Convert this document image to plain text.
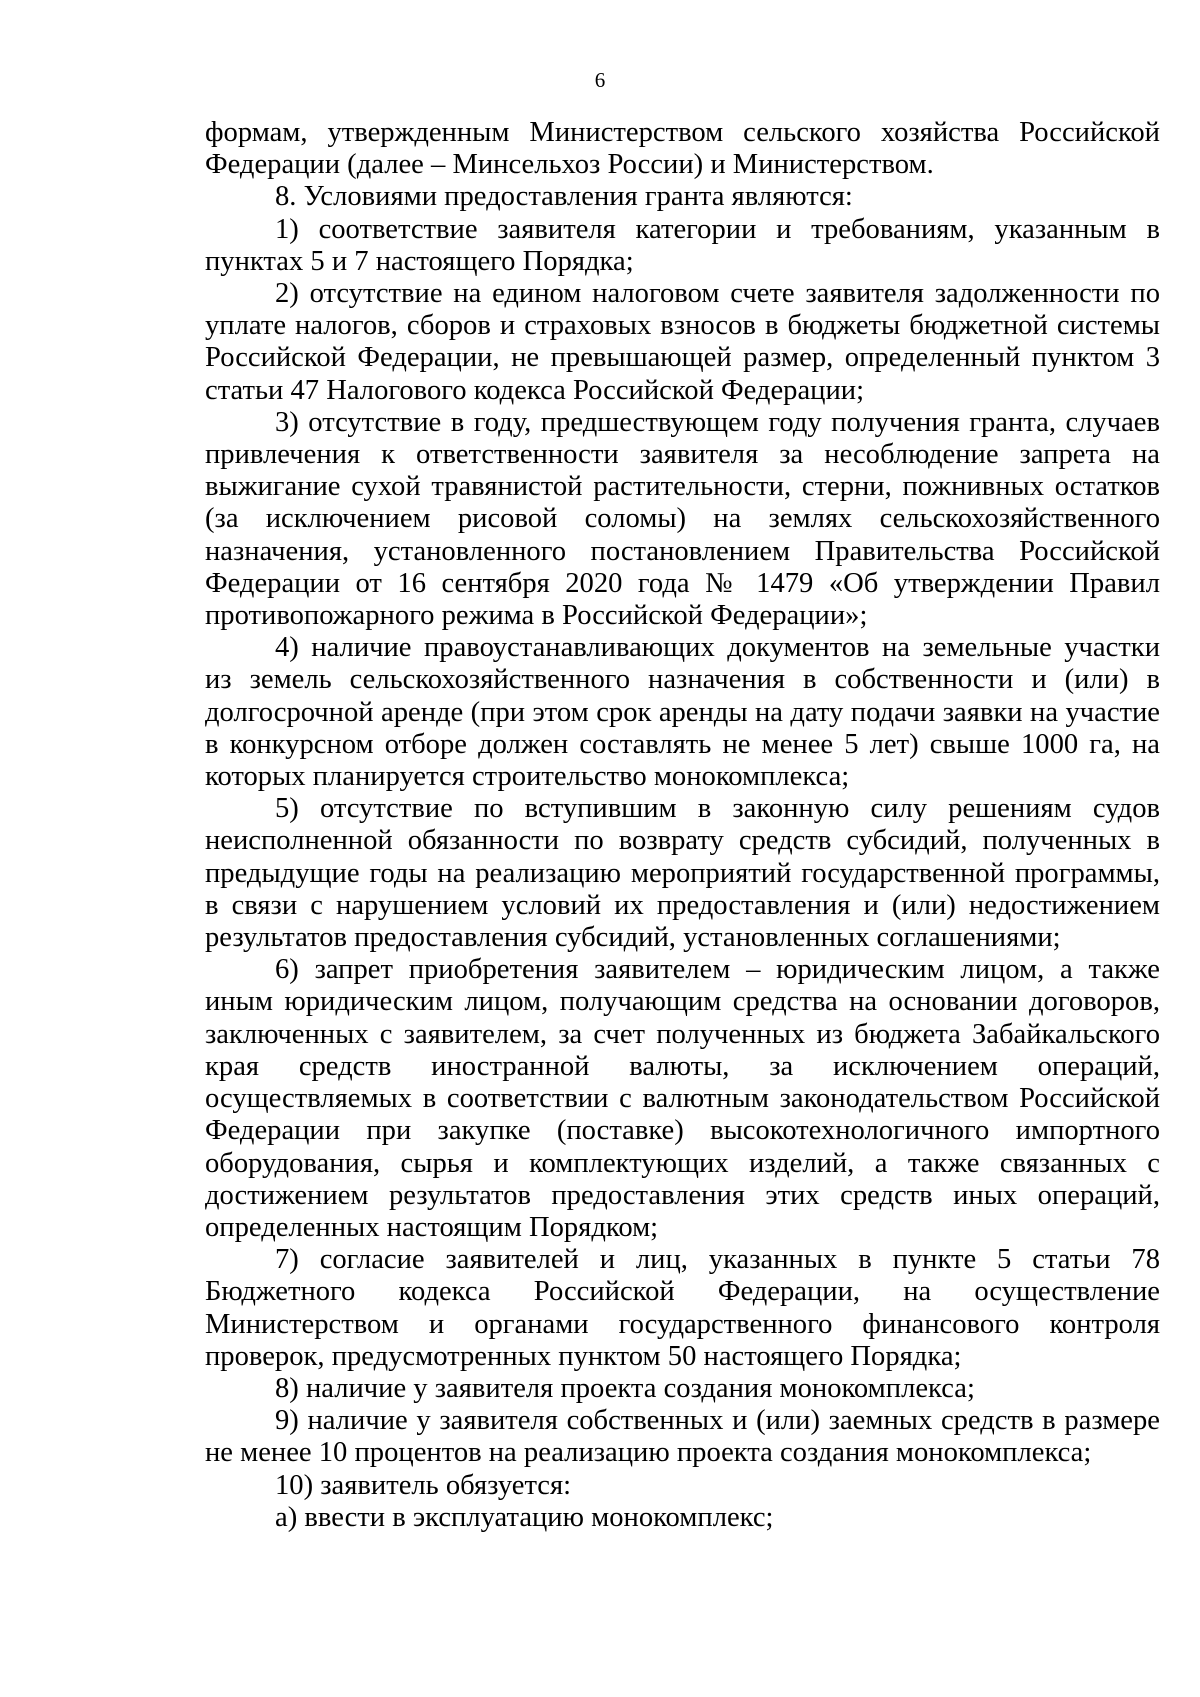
6

формам, утвержденным Министерством сельского хозяйства Российской Федерации (далее – Минсельхоз России) и Министерством.

8. Условиями предоставления гранта являются:

1) соответствие заявителя категории и требованиям, указанным в пунктах 5 и 7 настоящего Порядка;

2) отсутствие на едином налоговом счете заявителя задолженности по уплате налогов, сборов и страховых взносов в бюджеты бюджетной системы Российской Федерации, не превышающей размер, определенный пунктом 3 статьи 47 Налогового кодекса Российской Федерации;

3) отсутствие в году, предшествующем году получения гранта, случаев привлечения к ответственности заявителя за несоблюдение запрета на выжигание сухой травянистой растительности, стерни, пожнивных остатков (за исключением рисовой соломы) на землях сельскохозяйственного назначения, установленного постановлением Правительства Российской Федерации от 16 сентября 2020 года № 1479 «Об утверждении Правил противопожарного режима в Российской Федерации»;

4) наличие правоустанавливающих документов на земельные участки из земель сельскохозяйственного назначения в собственности и (или) в долгосрочной аренде (при этом срок аренды на дату подачи заявки на участие в конкурсном отборе должен составлять не менее 5 лет) свыше 1000 га, на которых планируется строительство монокомплекса;

5) отсутствие по вступившим в законную силу решениям судов неисполненной обязанности по возврату средств субсидий, полученных в предыдущие годы на реализацию мероприятий государственной программы, в связи с нарушением условий их предоставления и (или) недостижением результатов предоставления субсидий, установленных соглашениями;

6) запрет приобретения заявителем – юридическим лицом, а также иным юридическим лицом, получающим средства на основании договоров, заключенных с заявителем, за счет полученных из бюджета Забайкальского края средств иностранной валюты, за исключением операций, осуществляемых в соответствии с валютным законодательством Российской Федерации при закупке (поставке) высокотехнологичного импортного оборудования, сырья и комплектующих изделий, а также связанных с достижением результатов предоставления этих средств иных операций, определенных настоящим Порядком;

7) согласие заявителей и лиц, указанных в пункте 5 статьи 78 Бюджетного кодекса Российской Федерации, на осуществление Министерством и органами государственного финансового контроля проверок, предусмотренных пунктом 50 настоящего Порядка;

8) наличие у заявителя проекта создания монокомплекса;

9) наличие у заявителя собственных и (или) заемных средств в размере не менее 10 процентов на реализацию проекта создания монокомплекса;

10) заявитель обязуется:

а) ввести в эксплуатацию монокомплекс;
